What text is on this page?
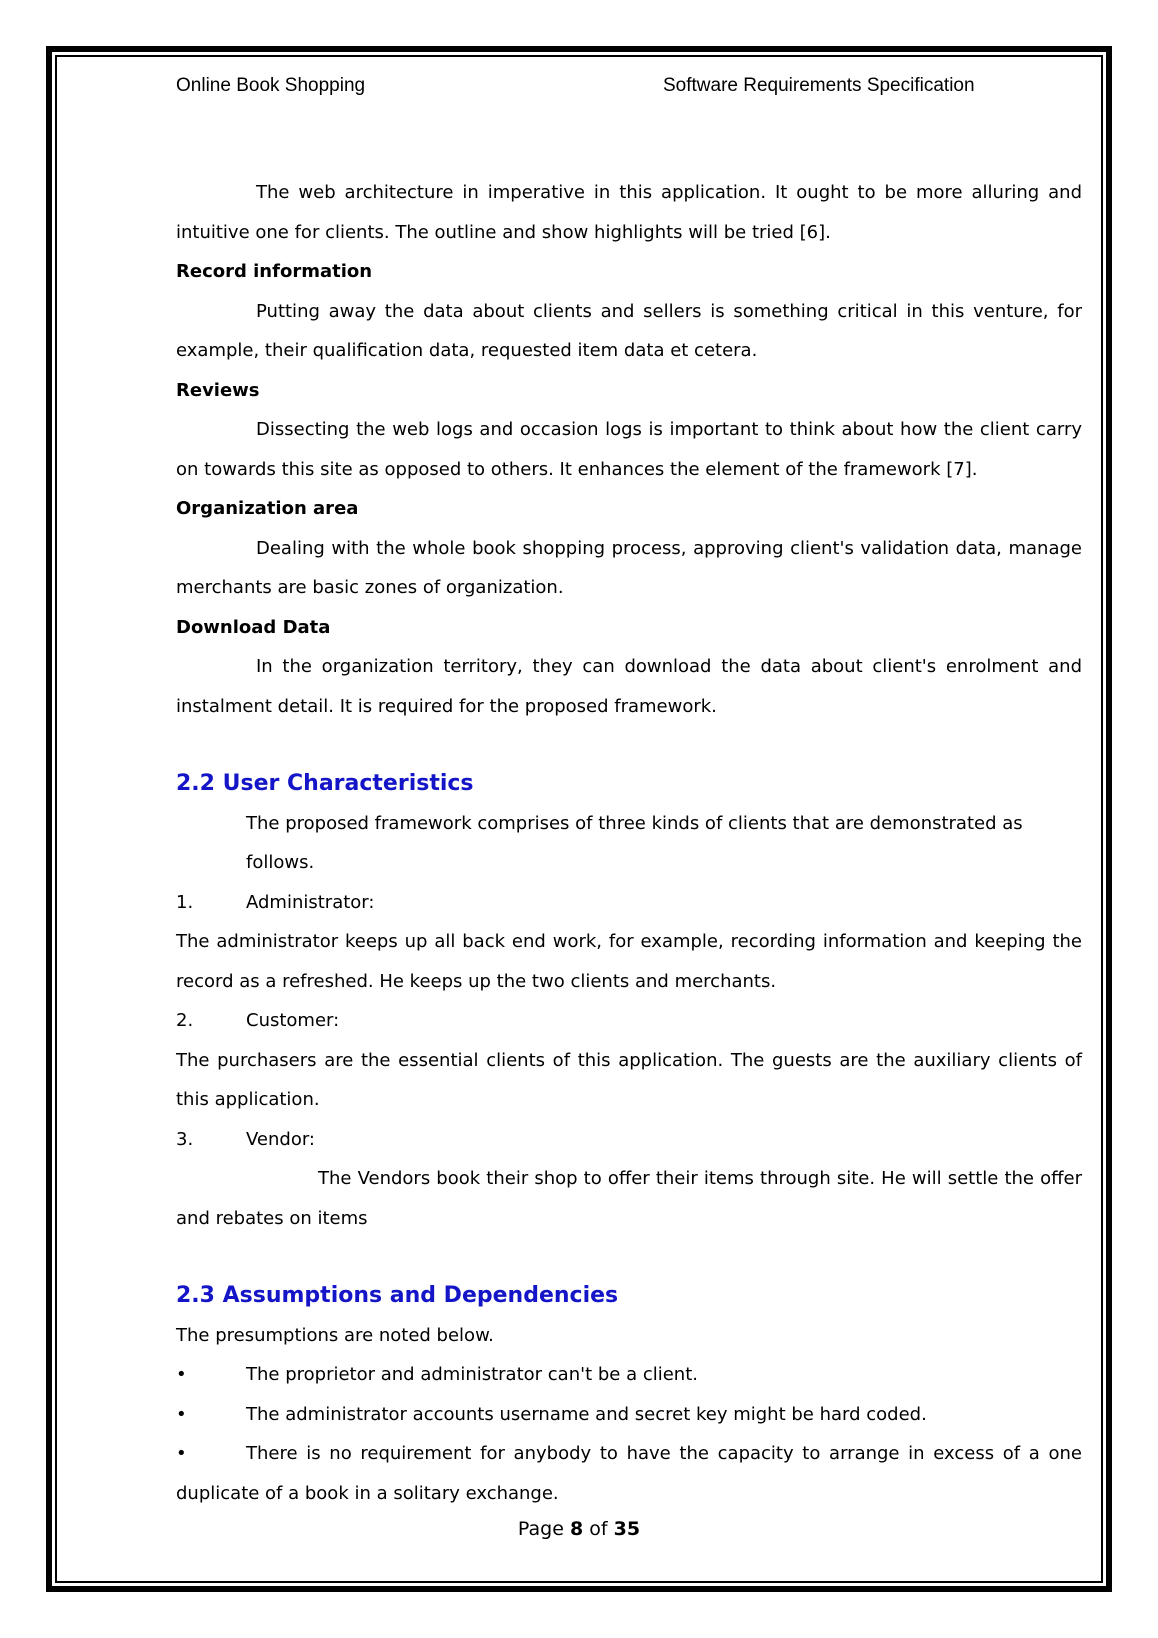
Online Book Shopping	Software Requirements Specification

The web architecture in imperative in this application. It ought to be more alluring and intuitive one for clients. The outline and show highlights will be tried [6].

Record information

Putting away the data about clients and sellers is something critical in this venture, for example, their qualification data, requested item data et cetera.

Reviews

Dissecting the web logs and occasion logs is important to think about how the client carry on towards this site as opposed to others. It enhances the element of the framework [7].

Organization area

Dealing with the whole book shopping process, approving client's validation data, manage merchants are basic zones of organization.

Download Data

In the organization territory, they can download the data about client's enrolment and instalment detail. It is required for the proposed framework.

2.2 User Characteristics
The proposed framework comprises of three kinds of clients that are demonstrated as follows.
1.	Administrator:

The administrator keeps up all back end work, for example, recording information and keeping the record as a refreshed. He keeps up the two clients and merchants.

2.	Customer:

The purchasers are the essential clients of this application. The guests are the auxiliary clients of this application.

3.	Vendor:

The Vendors book their shop to offer their items through site. He will settle the offer and rebates on items

2.3 Assumptions and Dependencies
The presumptions are noted below.
•	The proprietor and administrator can't be a client.
•	The administrator accounts username and secret key might be hard coded.
•	There is no requirement for anybody to have the capacity to arrange in excess of a one duplicate of a book in a solitary exchange.
Page 8 of 35
